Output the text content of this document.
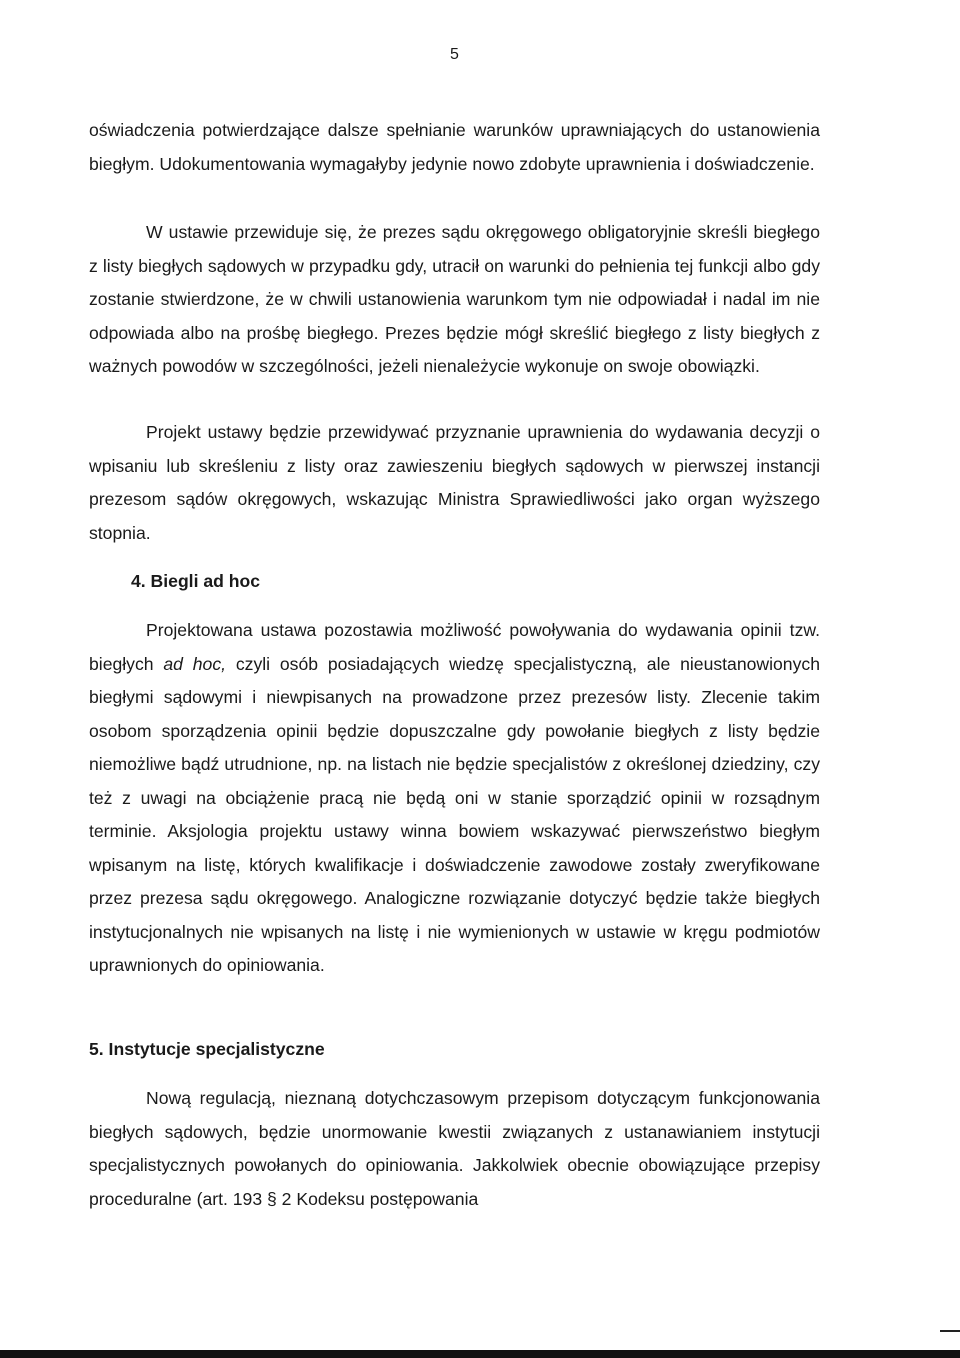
5

oświadczenia potwierdzające dalsze spełnianie warunków uprawniających do ustanowienia biegłym. Udokumentowania wymagałyby jedynie nowo zdobyte uprawnienia i doświadczenie.

W ustawie przewiduje się, że prezes sądu okręgowego obligatoryjnie skreśli biegłego z listy biegłych sądowych w przypadku gdy, utracił on warunki do pełnienia tej funkcji albo gdy zostanie stwierdzone, że w chwili ustanowienia warunkom tym nie odpowiadał i nadal im nie odpowiada albo na prośbę biegłego. Prezes będzie mógł skreślić biegłego z listy biegłych z ważnych powodów w szczególności, jeżeli nienależycie wykonuje on swoje obowiązki.

Projekt ustawy będzie przewidywać przyznanie uprawnienia do wydawania decyzji o wpisaniu lub skreśleniu z listy oraz zawieszeniu biegłych sądowych w pierwszej instancji prezesom sądów okręgowych, wskazując Ministra Sprawiedliwości jako organ wyższego stopnia.

4. Biegli ad hoc

Projektowana ustawa pozostawia możliwość powoływania do wydawania opinii tzw. biegłych ad hoc, czyli osób posiadających wiedzę specjalistyczną, ale nieustanowionych biegłymi sądowymi i niewpisanych na prowadzone przez prezesów listy. Zlecenie takim osobom sporządzenia opinii będzie dopuszczalne gdy powołanie biegłych z listy będzie niemożliwe bądź utrudnione, np. na listach nie będzie specjalistów z określonej dziedziny, czy też z uwagi na obciążenie pracą nie będą oni w stanie sporządzić opinii w rozsądnym terminie. Aksjologia projektu ustawy winna bowiem wskazywać pierwszeństwo biegłym wpisanym na listę, których kwalifikacje i doświadczenie zawodowe zostały zweryfikowane przez prezesa sądu okręgowego. Analogiczne rozwiązanie dotyczyć będzie także biegłych instytucjonalnych nie wpisanych na listę i nie wymienionych w ustawie w kręgu podmiotów uprawnionych do opiniowania.

5. Instytucje specjalistyczne

Nową regulacją, nieznaną dotychczasowym przepisom dotyczącym funkcjonowania biegłych sądowych, będzie unormowanie kwestii związanych z ustanawianiem instytucji specjalistycznych powołanych do opiniowania. Jakkolwiek obecnie obowiązujące przepisy proceduralne (art. 193 § 2 Kodeksu postępowania
